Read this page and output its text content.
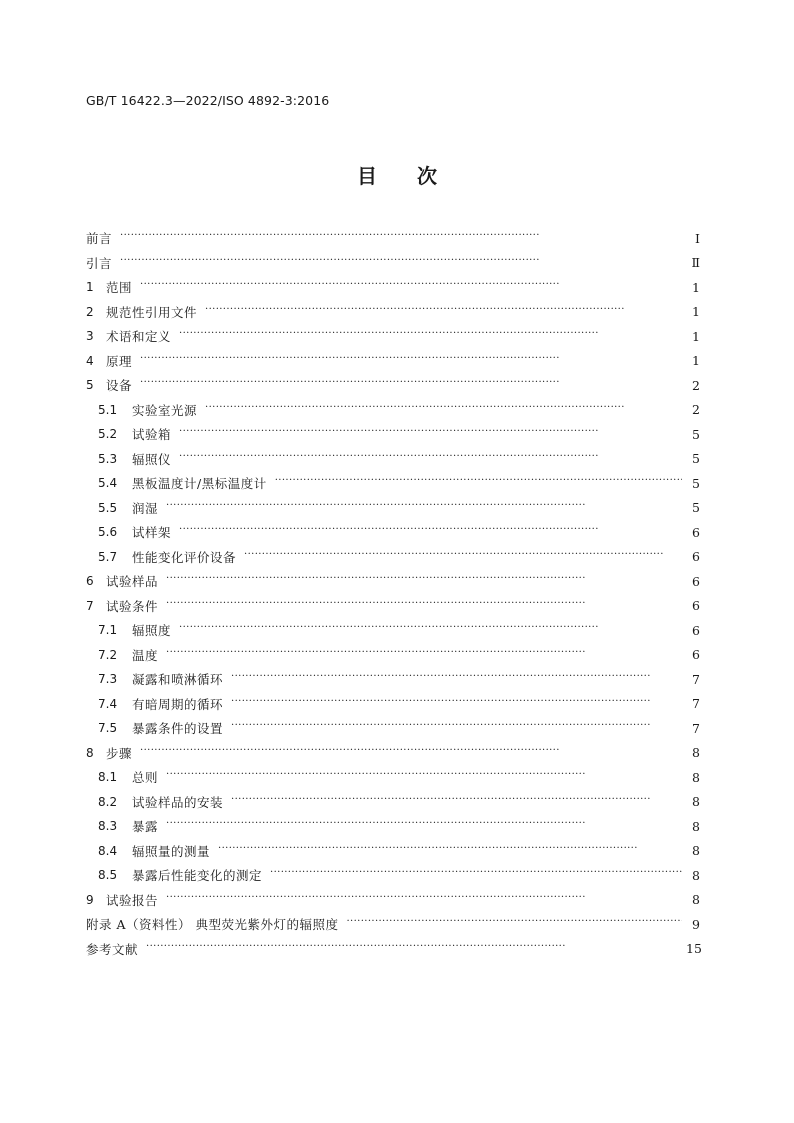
GB/T 16422.3—2022/ISO 4892-3:2016
目 次
前言 . . .	Ⅰ
引言 . . .	Ⅱ
1 范围 . . .	1
2 规范性引用文件 . . .	1
3 术语和定义 . . .	1
4 原理 . . .	1
5 设备 . . .	2
5.1	实验室光源 . . .	2
5.2	试验箱 . . .	5
5.3	辐照仪 . . .	5
5.4	黑板温度计/黑标温度计 . . .	5
5.5	润湿 . . .	5
5.6	试样架 . . .	6
5.7	性能变化评价设备 . . .	6
6 试验样品 . . .	6
7 试验条件 . . .	6
7.1	辐照度 . . .	6
7.2	温度 . . .	6
7.3	凝露和喷淋循环 . . .	7
7.4	有暗周期的循环 . . .	7
7.5	暴露条件的设置 . . .	7
8 步骤 . . .	8
8.1	总则 . . .	8
8.2	试验样品的安装 . . .	8
8.3	暴露 . . .	8
8.4	辐照量的测量 . . .	8
8.5	暴露后性能变化的测定 . . .	8
9 试验报告 . . .	8
附录 A（资料性） 典型荧光紫外灯的辐照度 . . .	9
参考文献 . . .	15
